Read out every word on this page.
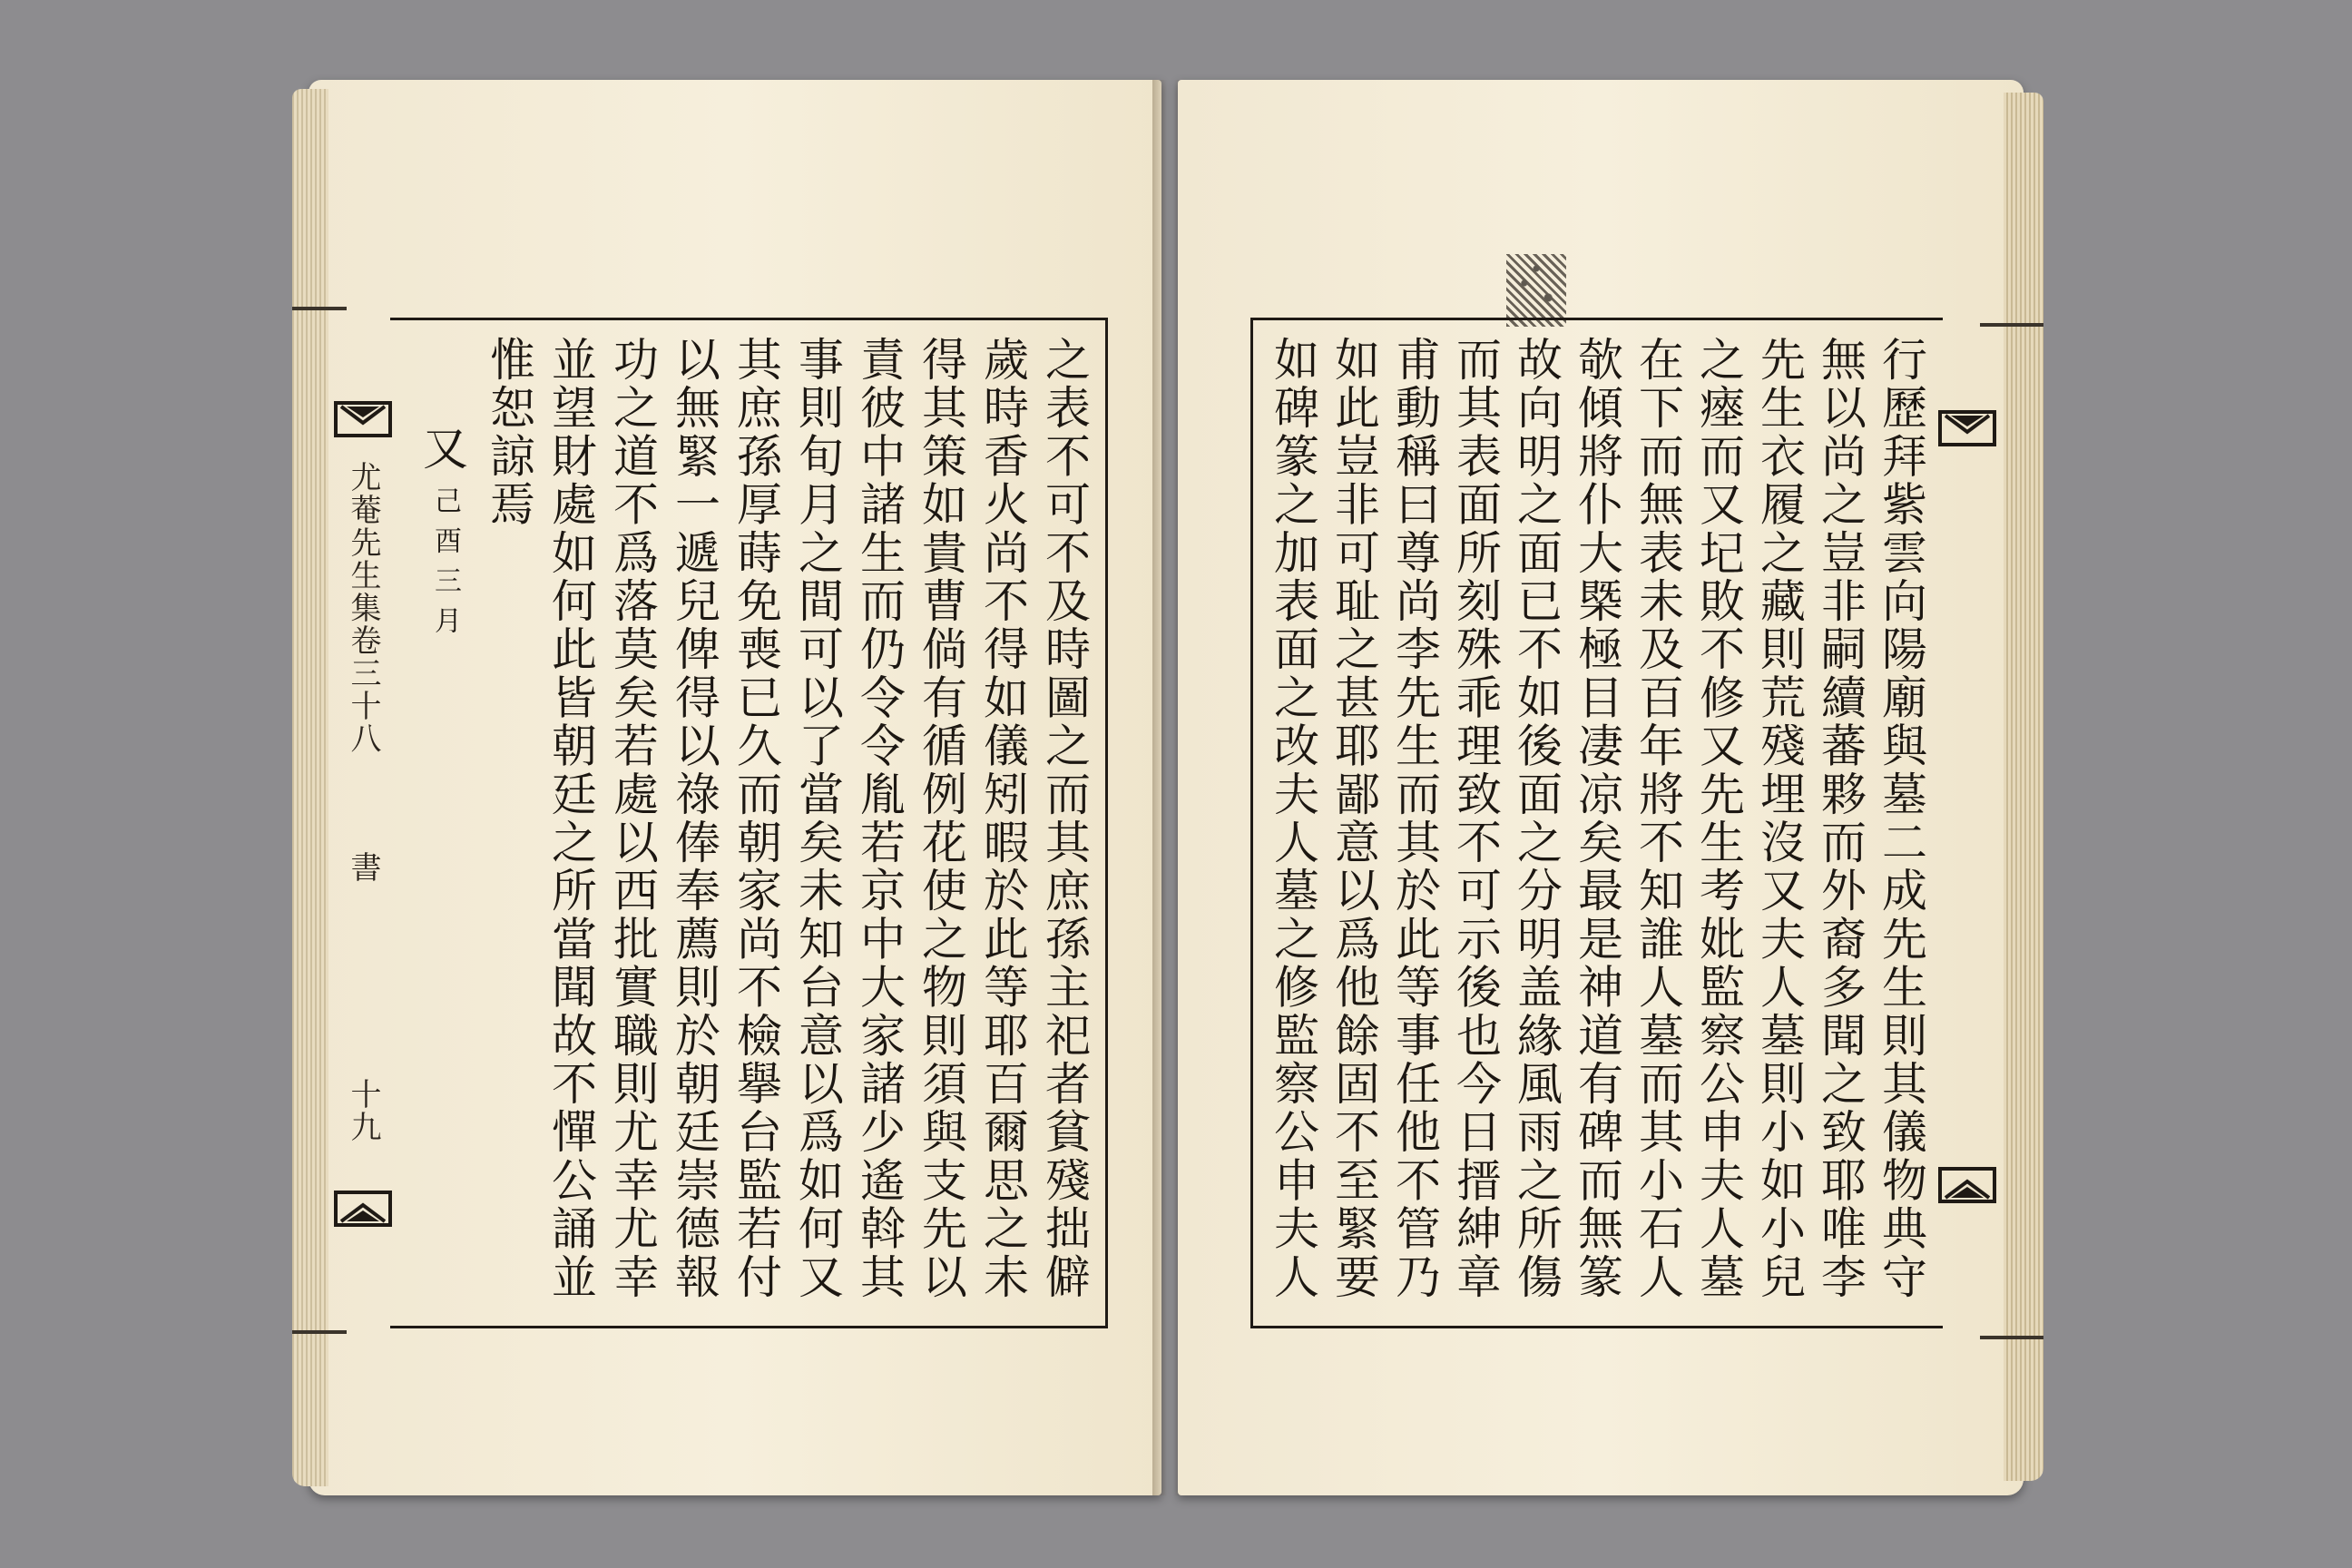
尤菴先生集卷三十八
書
十九
又
己酉三月	之表不可不及時圖之而其庶孫主祀者貧殘拙僻
歲時香火尚不得如儀矧暇於此等耶百爾思之未
得其策如貴曹倘有循例花使之物則須與支先以
責彼中諸生而仍令令胤若京中大家諸少遙斡其
事則旬月之間可以了當矣未知台意以爲如何又
其庶孫厚蒔免喪已久而朝家尚不檢擧台監若付
以無緊一遞兒俾得以祿俸奉薦則於朝廷崇德報
功之道不爲落莫矣若處以西批實職則尤幸尤幸
並望財處如何此皆朝廷之所當聞故不憚公誦並
惟恕諒焉	行歷拜紫雲向陽廟與墓二成先生則其儀物典守
無以尚之豈非嗣續蕃夥而外裔多聞之致耶唯李
先生衣履之藏則荒殘埋沒又夫人墓則小如小兒
之瘞而又圮敗不修又先生考妣監察公申夫人墓
在下而無表未及百年將不知誰人墓而其小石人
欹傾將仆大槩極目凄凉矣最是神道有碑而無篆
故向明之面已不如後面之分明盖緣風雨之所傷
而其表面所刻殊乖理致不可示後也今日搢紳章
甫動稱曰尊尚李先生而其於此等事任他不管乃
如此豈非可耻之甚耶鄙意以爲他餘固不至緊要
如碑篆之加表面之改夫人墓之修監察公申夫人
